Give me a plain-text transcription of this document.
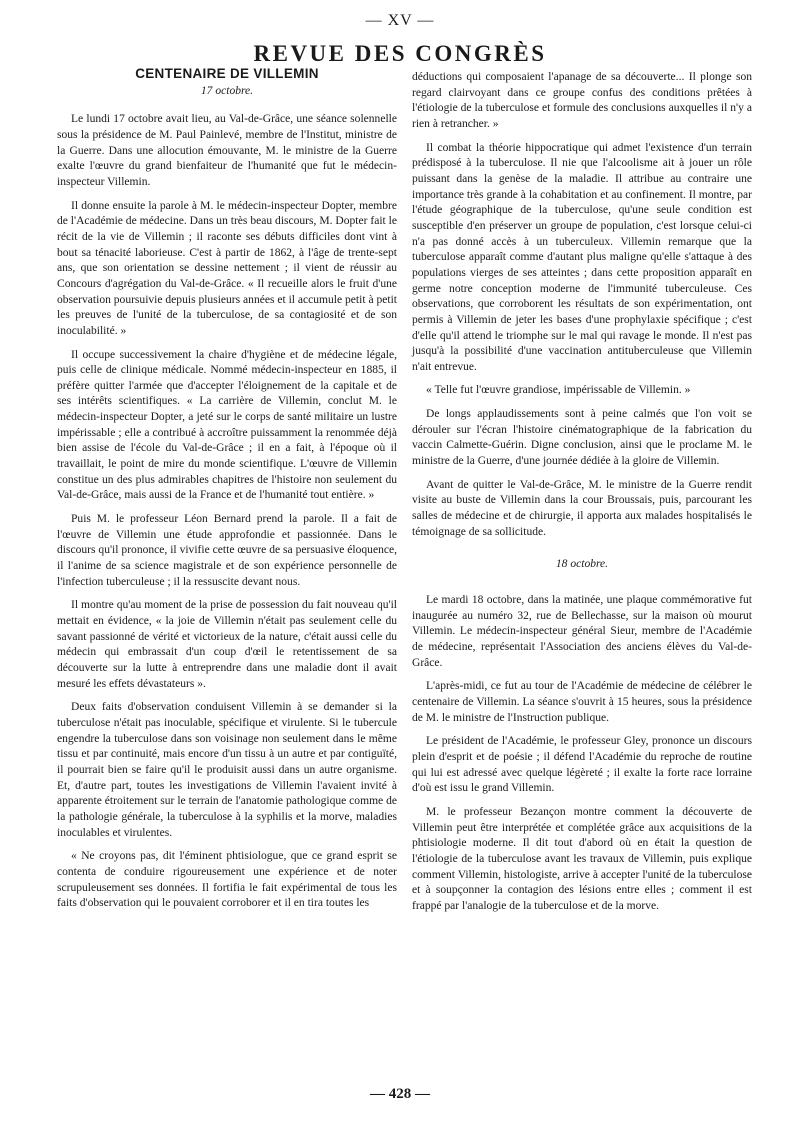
— XV —
REVUE DES CONGRÈS
CENTENAIRE DE VILLEMIN
17 octobre.

Le lundi 17 octobre avait lieu, au Val-de-Grâce, une séance solennelle sous la présidence de M. Paul Painlevé, membre de l'Institut, ministre de la Guerre. Dans une allocution émouvante, M. le ministre de la Guerre exalte l'œuvre du grand bienfaiteur de l'humanité que fut le médecin-inspecteur Villemin.

Il donne ensuite la parole à M. le médecin-inspecteur Dopter, membre de l'Académie de médecine. Dans un très beau discours, M. Dopter fait le récit de la vie de Villemin ; il raconte ses débuts difficiles dont vint à bout sa ténacité laborieuse. C'est à partir de 1862, à l'âge de trente-sept ans, que son orientation se dessine nettement ; il vient de réussir au Concours d'agrégation du Val-de-Grâce. « Il recueille alors le fruit d'une observation poursuivie depuis plusieurs années et il accumule petit à petit les preuves de l'unité de la tuberculose, de sa contagiosité et de son inoculabilité. »

Il occupe successivement la chaire d'hygiène et de médecine légale, puis celle de clinique médicale. Nommé médecin-inspecteur en 1885, il préfère quitter l'armée que d'accepter l'éloignement de la capitale et de ses intérêts scientifiques. « La carrière de Villemin, conclut M. le médecin-inspecteur Dopter, a jeté sur le corps de santé militaire un lustre impérissable ; elle a contribué à accroître puissamment la renommée déjà bien assise de l'école du Val-de-Grâce ; il en a fait, à l'époque où il travaillait, le point de mire du monde scientifique. L'œuvre de Villemin constitue un des plus admirables chapitres de l'histoire non seulement du Val-de-Grâce, mais aussi de la France et de l'humanité tout entière. »

Puis M. le professeur Léon Bernard prend la parole. Il a fait de l'œuvre de Villemin une étude approfondie et passionnée. Dans le discours qu'il prononce, il vivifie cette œuvre de sa persuasive éloquence, il l'anime de sa science magistrale et de son expérience personnelle de l'infection tuberculeuse ; il la ressuscite devant nous.

Il montre qu'au moment de la prise de possession du fait nouveau qu'il mettait en évidence, « la joie de Villemin n'était pas seulement celle du savant passionné de vérité et victorieux de la nature, c'était aussi celle du médecin qui embrassait d'un coup d'œil le retentissement de sa découverte sur la lutte à entreprendre dans une maladie dont il avait mesuré les effets dévastateurs ».

Deux faits d'observation conduisent Villemin à se demander si la tuberculose n'était pas inoculable, spécifique et virulente. Si le tubercule engendre la tuberculose dans son voisinage non seulement dans le même tissu et par continuité, mais encore d'un tissu à un autre et par contiguïté, il pourrait bien se faire qu'il le produisit aussi dans un autre organisme. Et, d'autre part, toutes les investigations de Villemin l'avaient invité à apparente étroitement sur le terrain de l'anatomie pathologique comme de la pathologie générale, la tuberculose à la syphilis et la morve, maladies inoculables et virulentes.

« Ne croyons pas, dit l'éminent phtisiologue, que ce grand esprit se contenta de conduire rigoureusement une expérience et de noter scrupuleusement ses données. Il fortifia le fait expérimental de tous les faits d'observation qui le pouvaient corroborer et il en tira toutes les

déductions qui composaient l'apanage de sa découverte... Il plonge son regard clairvoyant dans ce groupe confus des conditions prêtées à l'étiologie de la tuberculose et formule des conclusions auxquelles il n'y a rien à retrancher. »

Il combat la théorie hippocratique qui admet l'existence d'un terrain prédisposé à la tuberculose. Il nie que l'alcoolisme ait à jouer un rôle puissant dans la genèse de la maladie. Il attribue au contraire une importance très grande à la cohabitation et au confinement. Il montre, par l'étude géographique de la tuberculose, qu'une seule condition est susceptible d'en préserver un groupe de population, c'est lorsque celui-ci n'a pas donné accès à un tuberculeux. Villemin remarque que la tuberculose apparaît comme d'autant plus maligne qu'elle s'attaque à des populations vierges de ses atteintes ; dans cette proposition apparaît en germe notre conception moderne de l'immunité tuberculeuse. Ces observations, que corroborent les résultats de son expérimentation, ont permis à Villemin de jeter les bases d'une prophylaxie spécifique ; c'est d'elle qu'il attend le triomphe sur le mal qui ravage le monde. Il n'est pas jusqu'à la possibilité d'une vaccination antituberculeuse que Villemin n'ait entrevue.

« Telle fut l'œuvre grandiose, impérissable de Villemin. »

De longs applaudissements sont à peine calmés que l'on voit se dérouler sur l'écran l'histoire cinématographique de la fabrication du vaccin Calmette-Guérin. Digne conclusion, ainsi que le proclame M. le ministre de la Guerre, d'une journée dédiée à la gloire de Villemin.

Avant de quitter le Val-de-Grâce, M. le ministre de la Guerre rendit visite au buste de Villemin dans la cour Broussais, puis, parcourant les salles de médecine et de chirurgie, il apporta aux malades hospitalisés le témoignage de sa sollicitude.

18 octobre.

Le mardi 18 octobre, dans la matinée, une plaque commémorative fut inaugurée au numéro 32, rue de Bellechasse, sur la maison où mourut Villemin. Le médecin-inspecteur général Sieur, membre de l'Académie de médecine, représentait l'Association des anciens élèves du Val-de-Grâce.

L'après-midi, ce fut au tour de l'Académie de médecine de célébrer le centenaire de Villemin. La séance s'ouvrit à 15 heures, sous la présidence de M. le ministre de l'Instruction publique.

Le président de l'Académie, le professeur Gley, prononce un discours plein d'esprit et de poésie ; il défend l'Académie du reproche de routine qui lui est adressé avec quelque légèreté ; il exalte la forte race lorraine d'où est issu le grand Villemin.

M. le professeur Bezançon montre comment la découverte de Villemin peut être interprétée et complétée grâce aux acquisitions de la phtisiologie moderne. Il dit tout d'abord où en était la question de l'étiologie de la tuberculose avant les travaux de Villemin, puis explique comment Villemin, histologiste, arrive à accepter l'unité de la tuberculose et à soupçonner la contagion des lésions entre elles ; comment il est frappé par l'analogie de la tuberculose et de la morve.

— 428 —
